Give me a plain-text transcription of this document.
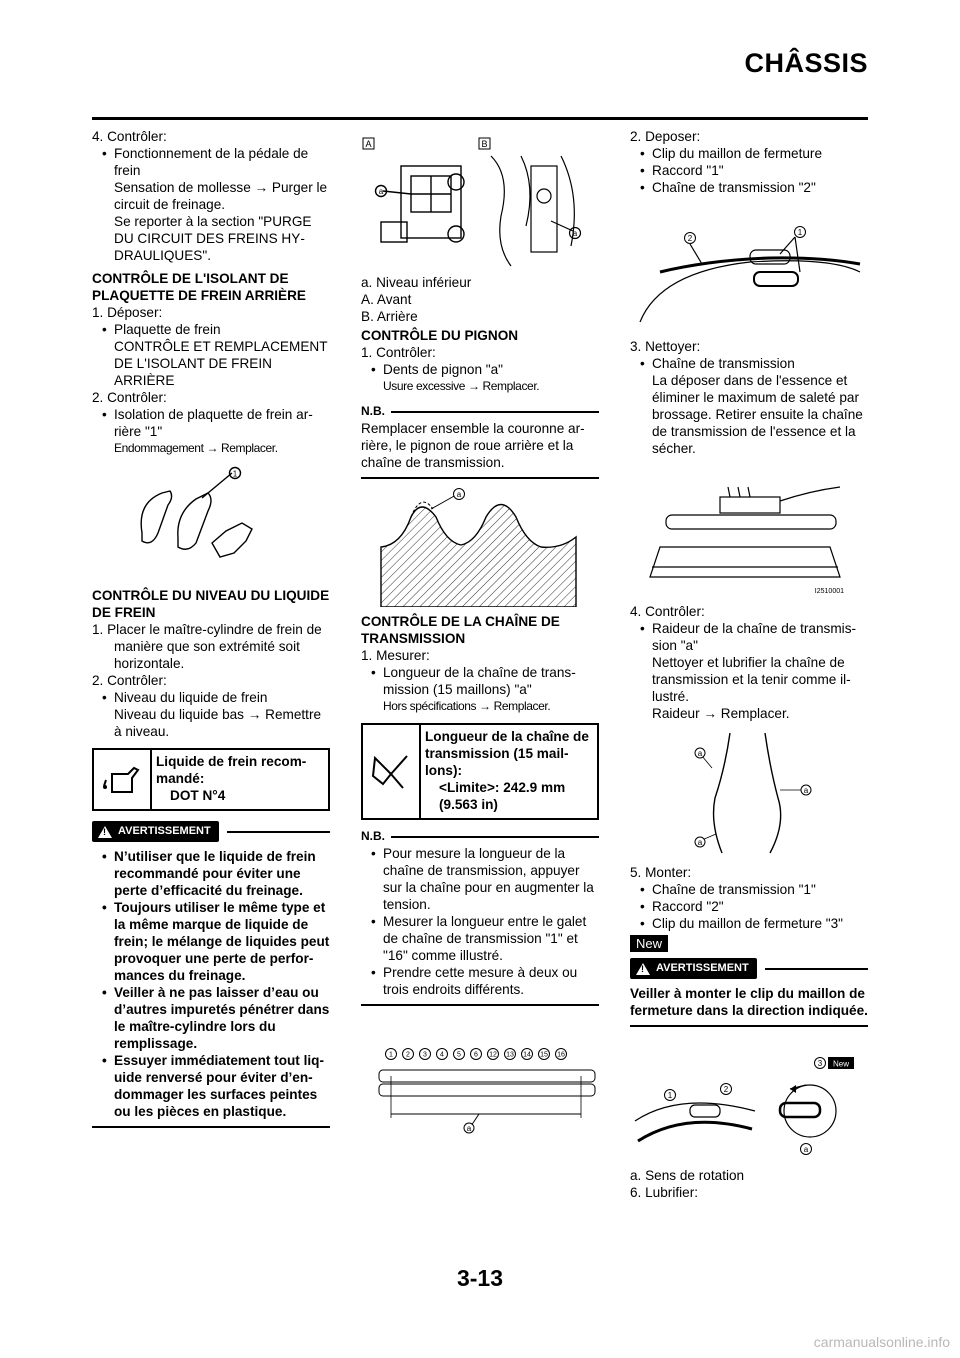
CHÂSSIS
4. Contrôler:
• Fonctionnement de la pédale de frein
Sensation de mollesse → Purger le circuit de freinage.
Se reporter à la section "PURGE DU CIRCUIT DES FREINS HYDRAULIQUES".
CONTRÔLE DE L'ISOLANT DE PLAQUETTE DE FREIN ARRIÈRE
1. Déposer:
• Plaquette de frein
CONTRÔLE ET REMPLACEMENT DE L'ISOLANT DE FREIN ARRIÈRE
2. Contrôler:
• Isolation de plaquette de frein arrière "1"
Endommagement → Remplacer.
1
CONTRÔLE DU NIVEAU DU LIQUIDE DE FREIN
1. Placer le maître-cylindre de frein de manière que son extrémité soit horizontale.
2. Contrôler:
• Niveau du liquide de frein
Niveau du liquide bas → Remettre à niveau.
Liquide de frein recommandé:
DOT N°4
!
AVERTISSEMENT
• N’utiliser que le liquide de frein recommandé pour éviter une perte d’efficacité du freinage.
• Toujours utiliser le même type et la même marque de liquide de frein; le mélange de liquides peut provoquer une perte de performances du freinage.
• Veiller à ne pas laisser d’eau ou d’autres impuretés pénétrer dans le maître-cylindre lors du remplissage.
• Essuyer immédiatement tout liquide renversé pour éviter d’endommager les surfaces peintes ou les pièces en plastique.
A	B
a
a
a. Niveau inférieur
A. Avant
B. Arrière
CONTRÔLE DU PIGNON
1. Contrôler:
• Dents de pignon "a"
Usure excessive → Remplacer.
N.B.
Remplacer ensemble la couronne arrière, le pignon de roue arrière et la chaîne de transmission.
a
CONTRÔLE DE LA CHAÎNE DE TRANSMISSION
1. Mesurer:
• Longueur de la chaîne de transmission (15 maillons) "a"
Hors spécifications → Remplacer.
Longueur de la chaîne de transmission (15 maillons):
<Limite>: 242.9 mm (9.563 in)
N.B.
• Pour mesure la longueur de la chaîne de transmission, appuyer sur la chaîne pour en augmenter la tension.
• Mesurer la longueur entre le galet de chaîne de transmission "1" et "16" comme illustré.
• Prendre cette mesure à deux ou trois endroits différents.
1 2 3 4 5 6 12 13 14 15 16
a
2. Deposer:
• Clip du maillon de fermeture
• Raccord "1"
• Chaîne de transmission "2"
2
1
3. Nettoyer:
• Chaîne de transmission
La déposer dans de l'essence et éliminer le maximum de saleté par brossage. Retirer ensuite la chaîne de transmission de l'essence et la sécher.
I2510001
4. Contrôler:
• Raideur de la chaîne de transmission "a"
Nettoyer et lubrifier la chaîne de transmission et la tenir comme illustré.
Raideur → Remplacer.
a
a
a
5. Monter:
• Chaîne de transmission "1"
• Raccord "2"
• Clip du maillon de fermeture "3"
New
!
AVERTISSEMENT
Veiller à monter le clip du maillon de fermeture dans la direction indiquée.
1
2
3 New
a
a. Sens de rotation
6. Lubrifier:
3-13
carmanualsonline.info
